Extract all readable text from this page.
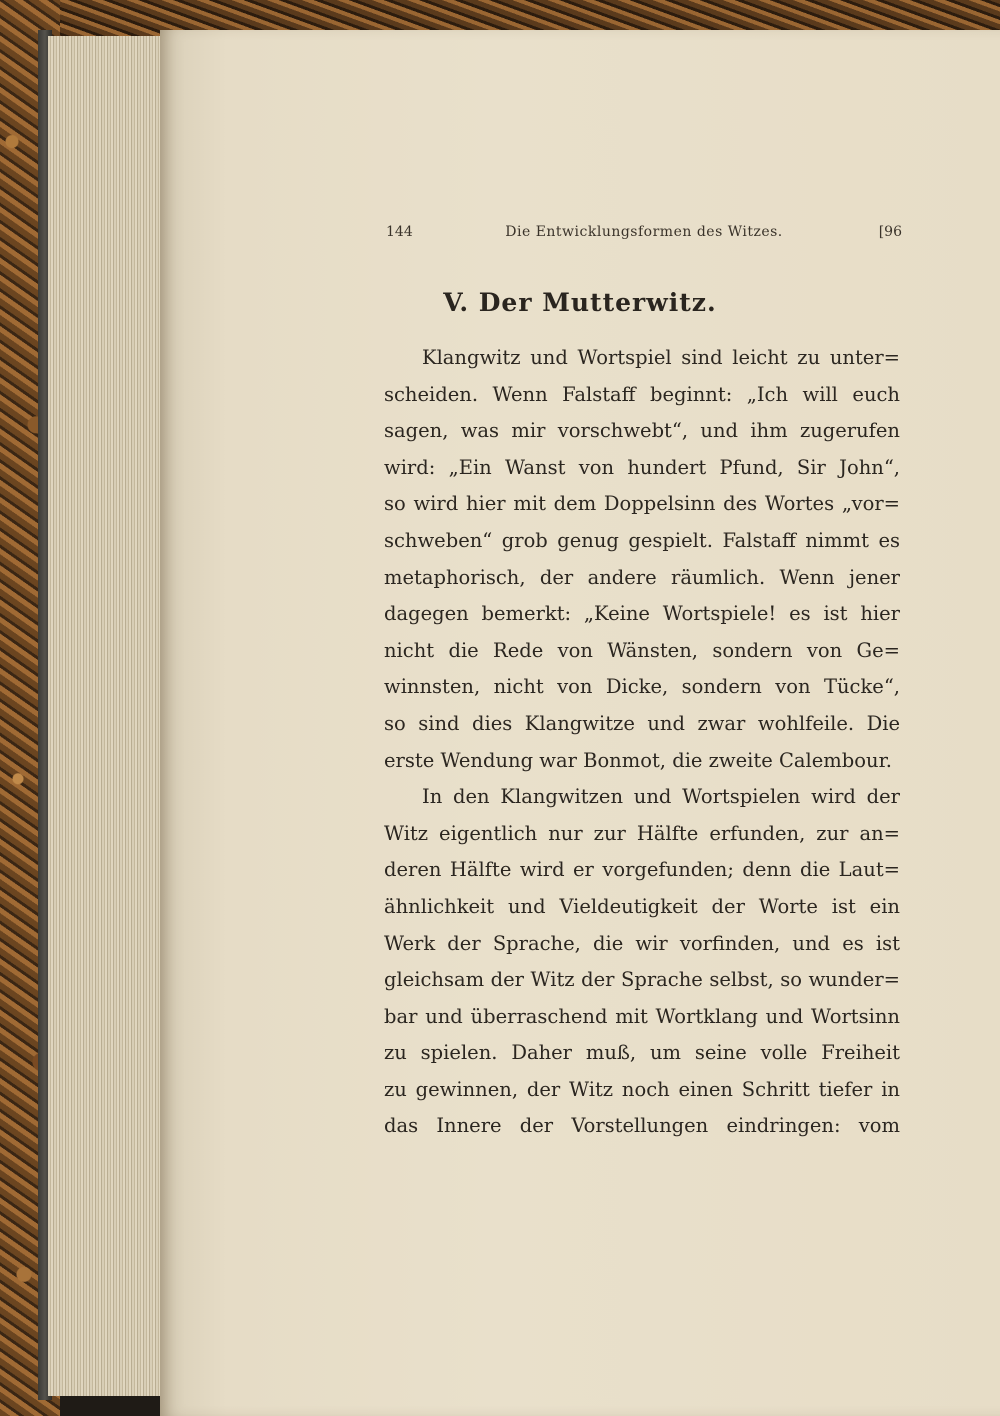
144	Die Entwicklungsformen des Witzes.	[96
V. Der Mutterwitz.
Klangwitz und Wortspiel sind leicht zu unter=
scheiden. Wenn Falstaff beginnt: „Ich will euch
sagen, was mir vorschwebt“, und ihm zugerufen
wird: „Ein Wanst von hundert Pfund, Sir John“,
so wird hier mit dem Doppelsinn des Wortes „vor=
schweben“ grob genug gespielt. Falstaff nimmt es
metaphorisch, der andere räumlich. Wenn jener
dagegen bemerkt: „Keine Wortspiele! es ist hier
nicht die Rede von Wänsten, sondern von Ge=
winnsten, nicht von Dicke, sondern von Tücke“,
so sind dies Klangwitze und zwar wohlfeile. Die
erste Wendung war Bonmot, die zweite Calembour.
In den Klangwitzen und Wortspielen wird der
Witz eigentlich nur zur Hälfte erfunden, zur an=
deren Hälfte wird er vorgefunden; denn die Laut=
ähnlichkeit und Vieldeutigkeit der Worte ist ein
Werk der Sprache, die wir vorfinden, und es ist
gleichsam der Witz der Sprache selbst, so wunder=
bar und überraschend mit Wortklang und Wortsinn
zu spielen. Daher muß, um seine volle Freiheit
zu gewinnen, der Witz noch einen Schritt tiefer in
das Innere der Vorstellungen eindringen: vom
